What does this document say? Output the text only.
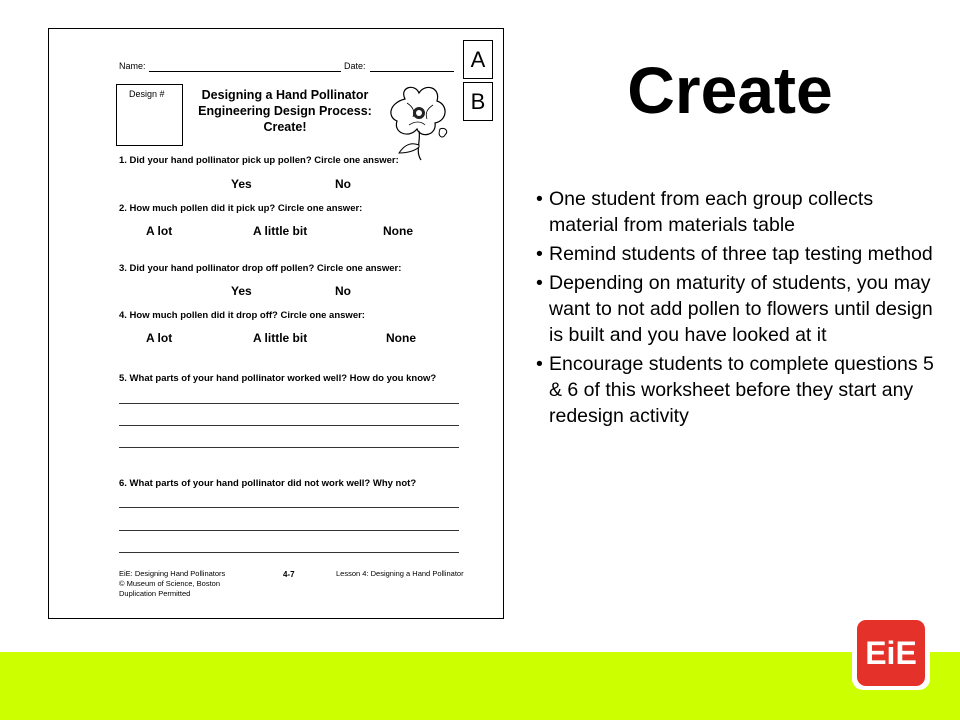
Name:	Date:	A
B
Design #	Designing a Hand Pollinator
Engineering Design Process:
Create!
1. Did your hand pollinator pick up pollen? Circle one answer:
Yes	No
2. How much pollen did it pick up? Circle one answer:
A lot	A little bit	None
3. Did your hand pollinator drop off pollen? Circle one answer:
Yes	No
4. How much pollen did it drop off? Circle one answer:
A lot	A little bit	None
5. What parts of your hand pollinator worked well? How do you know?
6. What parts of your hand pollinator did not work well? Why not?
EiE: Designing Hand Pollinators
© Museum of Science, Boston
Duplication Permitted
4-7	Lesson 4: Designing a Hand Pollinator
Create
• One student from each group collects material from materials table
• Remind students of three tap testing method
• Depending on maturity of students, you may want to not add pollen to flowers until design is built and you have looked at it
• Encourage students to complete questions 5 & 6 of this worksheet before they start any redesign activity
EiE
